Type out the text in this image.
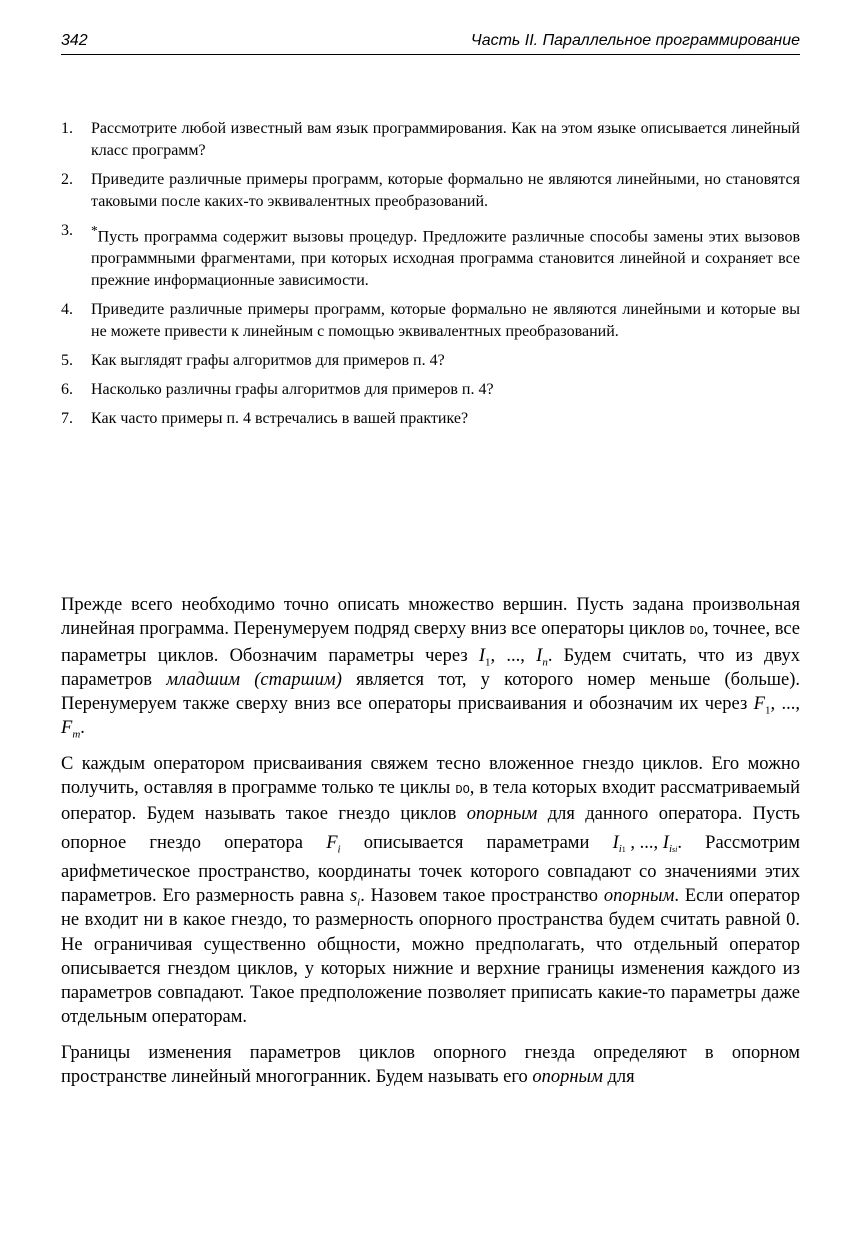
342	Часть II. Параллельное программирование
1. Рассмотрите любой известный вам язык программирования. Как на этом языке описывается линейный класс программ?
2. Приведите различные примеры программ, которые формально не являются линейными, но становятся таковыми после каких-то эквивалентных преобразований.
3. *Пусть программа содержит вызовы процедур. Предложите различные способы замены этих вызовов программными фрагментами, при которых исходная программа становится линейной и сохраняет все прежние информационные зависимости.
4. Приведите различные примеры программ, которые формально не являются линейными и которые вы не можете привести к линейным с помощью эквивалентных преобразований.
5. Как выглядят графы алгоритмов для примеров п. 4?
6. Насколько различны графы алгоритмов для примеров п. 4?
7. Как часто примеры п. 4 встречались в вашей практике?

Прежде всего необходимо точно описать множество вершин. Пусть задана произвольная линейная программа. Перенумеруем подряд сверху вниз все операторы циклов DO, точнее, все параметры циклов. Обозначим параметры через $I_1$, ..., $I_n$. Будем считать, что из двух параметров младшим (старшим) является тот, у которого номер меньше (больше). Перенумеруем также сверху вниз все операторы присваивания и обозначим их через $F_1$, ..., $F_m$.

С каждым оператором присваивания свяжем тесно вложенное гнездо циклов. Его можно получить, оставляя в программе только те циклы DO, в тела которых входит рассматриваемый оператор. Будем называть такое гнездо циклов опорным для данного оператора. Пусть опорное гнездо оператора $F_i$ описывается параметрами $I_{i1}$ , ..., $I_{isi}$. Рассмотрим арифметическое пространство, координаты точек которого совпадают со значениями этих параметров. Его размерность равна $s_i$. Назовем такое пространство опорным. Если оператор не входит ни в какое гнездо, то размерность опорного пространства будем считать равной 0. Не ограничивая существенно общности, можно предполагать, что отдельный оператор описывается гнездом циклов, у которых нижние и верхние границы изменения каждого из параметров совпадают. Такое предположение позволяет приписать какие-то параметры даже отдельным операторам.

Границы изменения параметров циклов опорного гнезда определяют в опорном пространстве линейный многогранник. Будем называть его опорным для
